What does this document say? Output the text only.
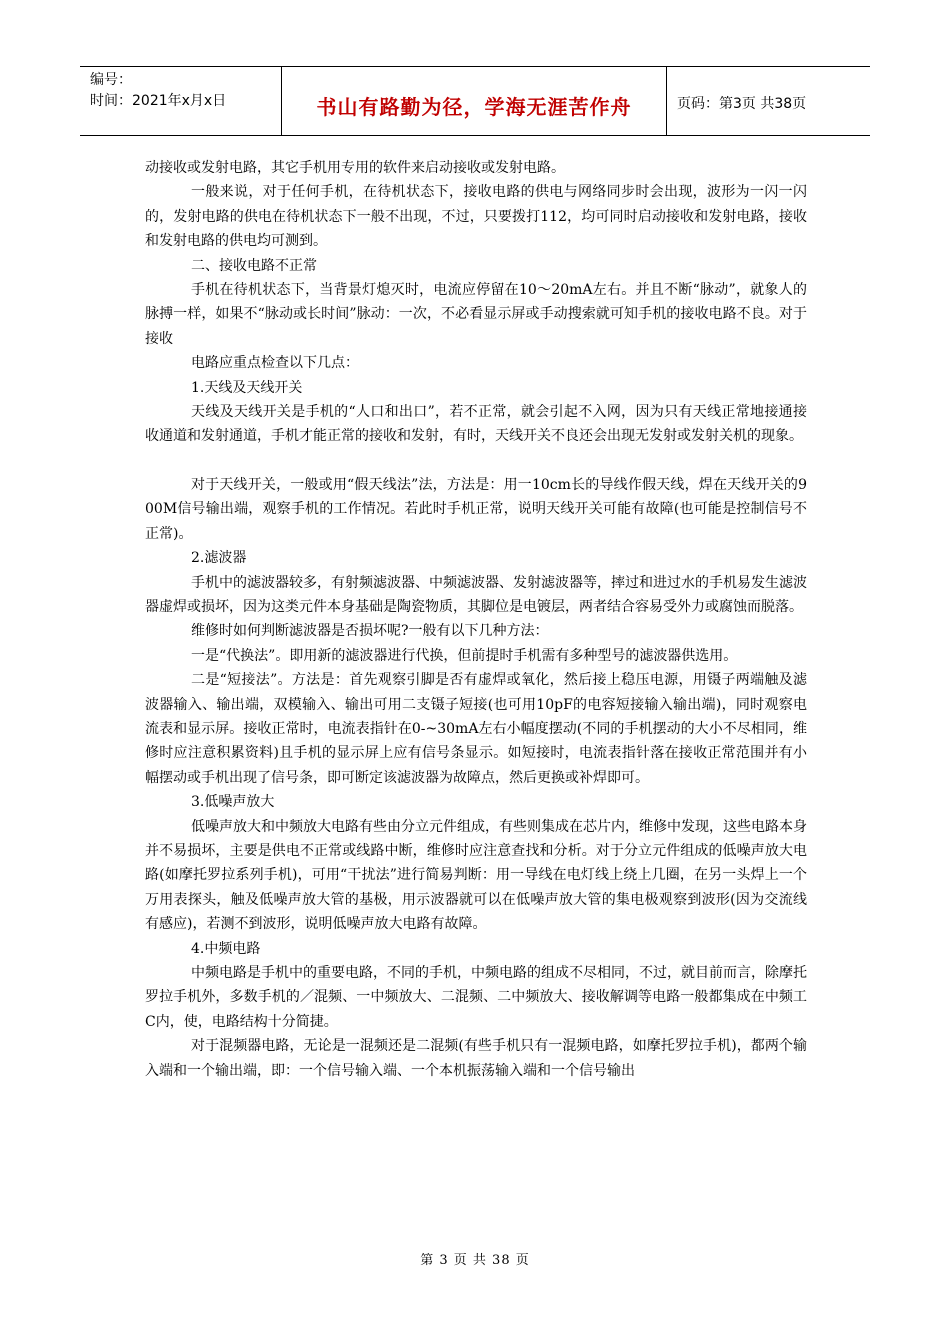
编号：
时间：2021年x月x日	书山有路勤为径，学海无涯苦作舟	页码：第3页 共38页

动接收或发射电路，其它手机用专用的软件来启动接收或发射电路。

一般来说，对于任何手机，在待机状态下，接收电路的供电与网络同步时会出现，波形为一闪一闪的，发射电路的供电在待机状态下一般不出现，不过，只要拨打112，均可同时启动接收和发射电路，接收和发射电路的供电均可测到。

二、接收电路不正常

手机在待机状态下，当背景灯熄灭时，电流应停留在10～20mA左右。并且不断“脉动”，就象人的脉搏一样，如果不“脉动或长时间”脉动：一次，不必看显示屏或手动搜索就可知手机的接收电路不良。对于接收

电路应重点检查以下几点：

1.天线及天线开关

天线及天线开关是手机的“人口和出口”，若不正常，就会引起不入网，因为只有天线正常地接通接收通道和发射通道，手机才能正常的接收和发射，有时，天线开关不良还会出现无发射或发射关机的现象。

对于天线开关，一般或用“假天线法”法，方法是：用一10cm长的导线作假天线，焊在天线开关的900M信号输出端，观察手机的工作情况。若此时手机正常，说明天线开关可能有故障(也可能是控制信号不正常)。

2.滤波器

手机中的滤波器较多，有射频滤波器、中频滤波器、发射滤波器等，摔过和进过水的手机易发生滤波器虚焊或损坏，因为这类元件本身基础是陶瓷物质，其脚位是电镀层，两者结合容易受外力或腐蚀而脱落。

维修时如何判断滤波器是否损坏呢?一般有以下几种方法：

一是“代换法”。即用新的滤波器进行代换，但前提时手机需有多种型号的滤波器供选用。

二是“短接法”。方法是：首先观察引脚是否有虚焊或氧化，然后接上稳压电源，用镊子两端触及滤波器输入、输出端，双模输入、输出可用二支镊子短接(也可用10pF的电容短接输入输出端)，同时观察电流表和显示屏。接收正常时，电流表指针在0-~30mA左右小幅度摆动(不同的手机摆动的大小不尽相同，维修时应注意积累资料)且手机的显示屏上应有信号条显示。如短接时，电流表指针落在接收正常范围并有小幅摆动或手机出现了信号条，即可断定该滤波器为故障点，然后更换或补焊即可。

3.低噪声放大

低噪声放大和中频放大电路有些由分立元件组成，有些则集成在芯片内，维修中发现，这些电路本身并不易损坏，主要是供电不正常或线路中断，维修时应注意查找和分析。对于分立元件组成的低噪声放大电路(如摩托罗拉系列手机)，可用“干扰法”进行简易判断：用一导线在电灯线上绕上几圈，在另一头焊上一个万用表探头，触及低噪声放大管的基极，用示波器就可以在低噪声放大管的集电极观察到波形(因为交流线有感应)，若测不到波形，说明低噪声放大电路有故障。

4.中频电路

中频电路是手机中的重要电路，不同的手机，中频电路的组成不尽相同，不过，就目前而言，除摩托罗拉手机外，多数手机的／混频、一中频放大、二混频、二中频放大、接收解调等电路一般都集成在中频工C内，使，电路结构十分简捷。

对于混频器电路，无论是一混频还是二混频(有些手机只有一混频电路，如摩托罗拉手机)，都两个输入端和一个输出端，即：一个信号输入端、一个本机振荡输入端和一个信号输出

第 3 页 共 38 页
